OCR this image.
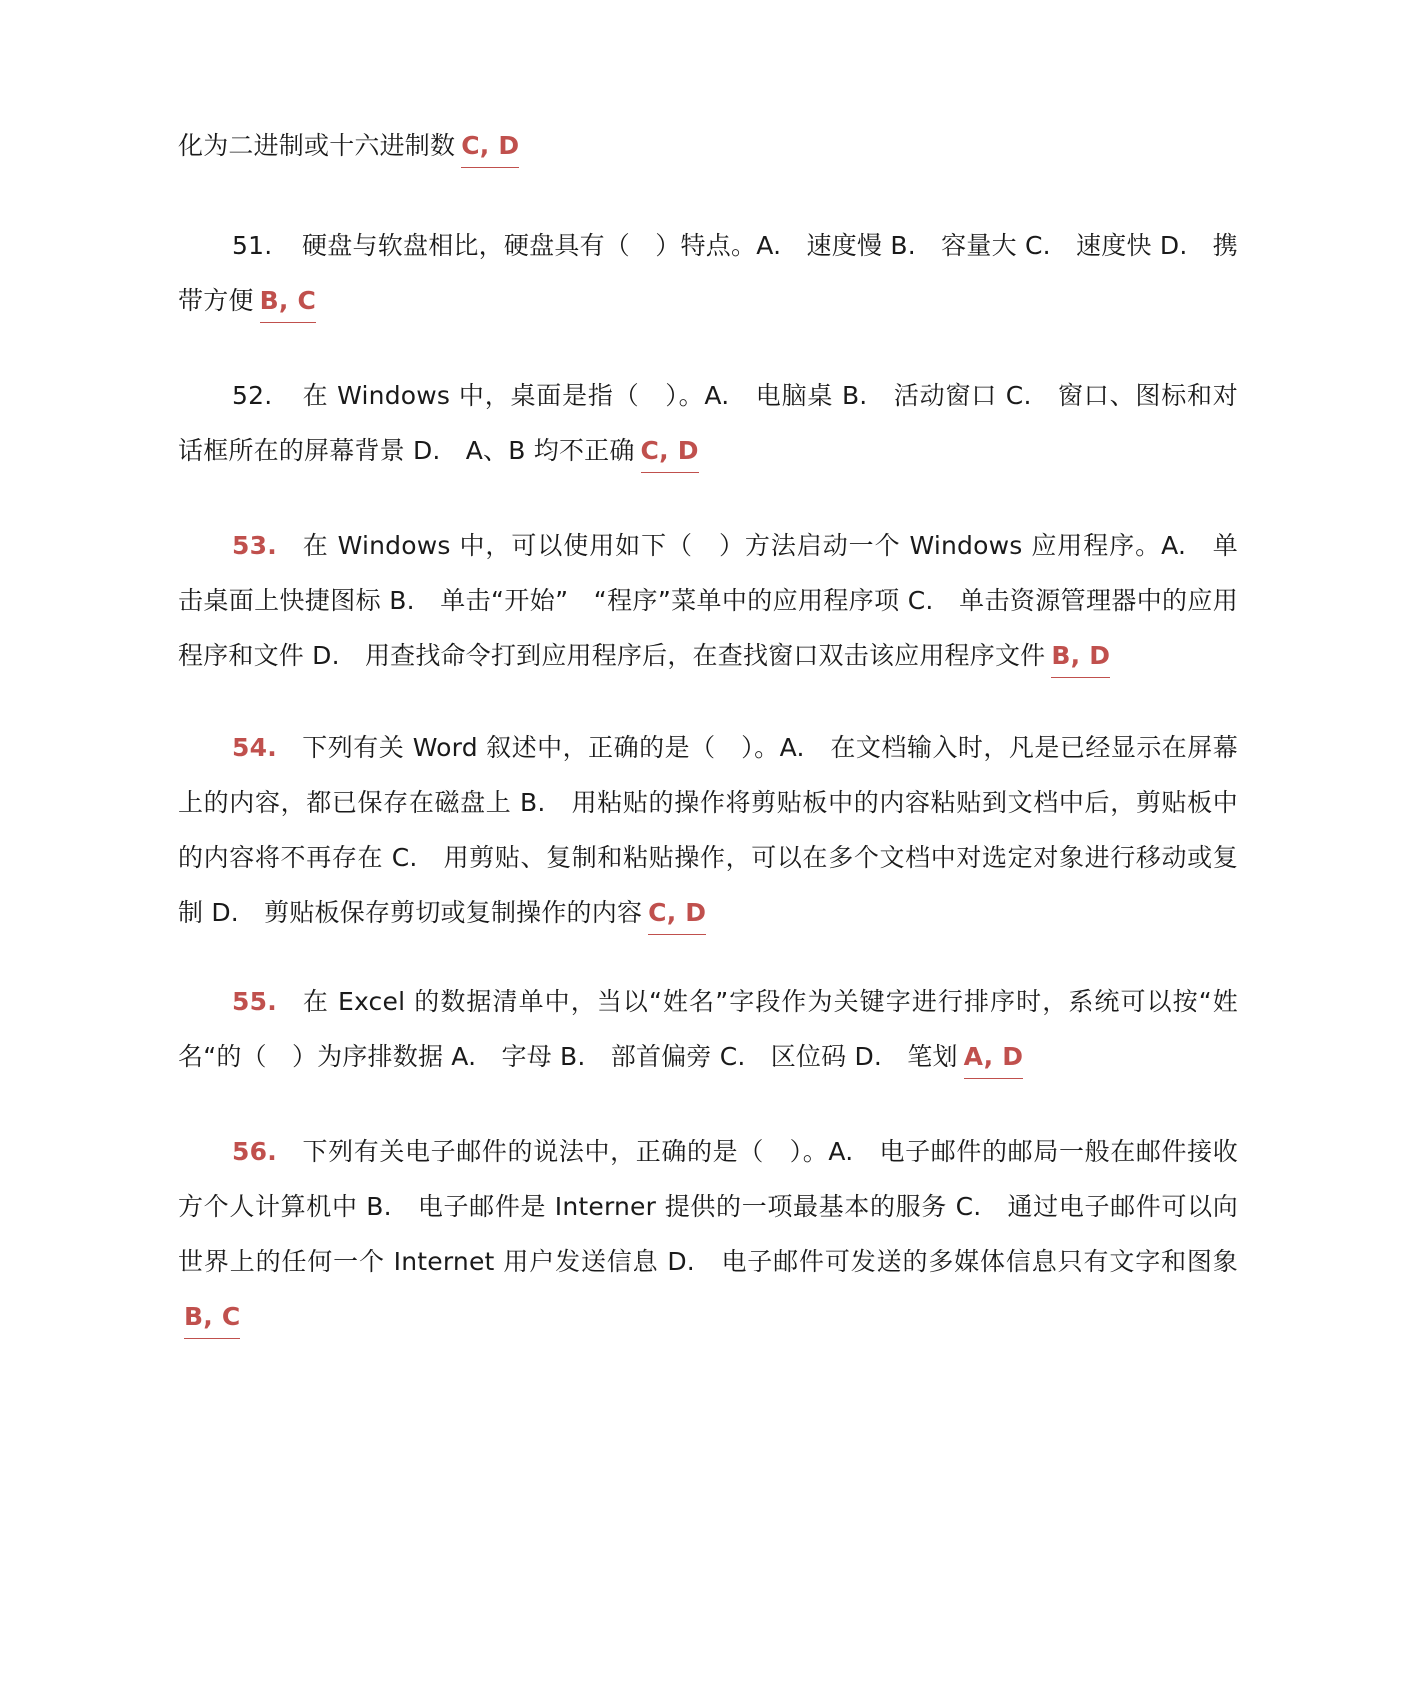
化为二进制或十六进制数 C, D

51. 硬盘与软盘相比，硬盘具有（　）特点。A.　速度慢 B.　容量大 C.　速度快 D.　携带方便 B, C

52. 在 Windows 中，桌面是指（　）。A.　电脑桌 B.　活动窗口 C.　窗口、图标和对话框所在的屏幕背景 D.　A、B 均不正确 C, D

53. 在 Windows 中，可以使用如下（　）方法启动一个 Windows 应用程序。A.　单击桌面上快捷图标 B.　单击“开始”　“程序”菜单中的应用程序项 C.　单击资源管理器中的应用程序和文件 D.　用查找命令打到应用程序后，在查找窗口双击该应用程序文件 B, D

54. 下列有关 Word 叙述中，正确的是（　）。A.　在文档输入时，凡是已经显示在屏幕上的内容，都已保存在磁盘上 B.　用粘贴的操作将剪贴板中的内容粘贴到文档中后，剪贴板中的内容将不再存在 C.　用剪贴、复制和粘贴操作，可以在多个文档中对选定对象进行移动或复制 D.　剪贴板保存剪切或复制操作的内容 C, D

55. 在 Excel 的数据清单中，当以“姓名”字段作为关键字进行排序时，系统可以按“姓名“的（　）为序排数据 A.　字母 B.　部首偏旁 C.　区位码 D.　笔划 A, D

56. 下列有关电子邮件的说法中，正确的是（　）。A.　电子邮件的邮局一般在邮件接收方个人计算机中 B.　电子邮件是 Interner 提供的一项最基本的服务 C.　通过电子邮件可以向世界上的任何一个 Internet 用户发送信息 D.　电子邮件可发送的多媒体信息只有文字和图象B, C
